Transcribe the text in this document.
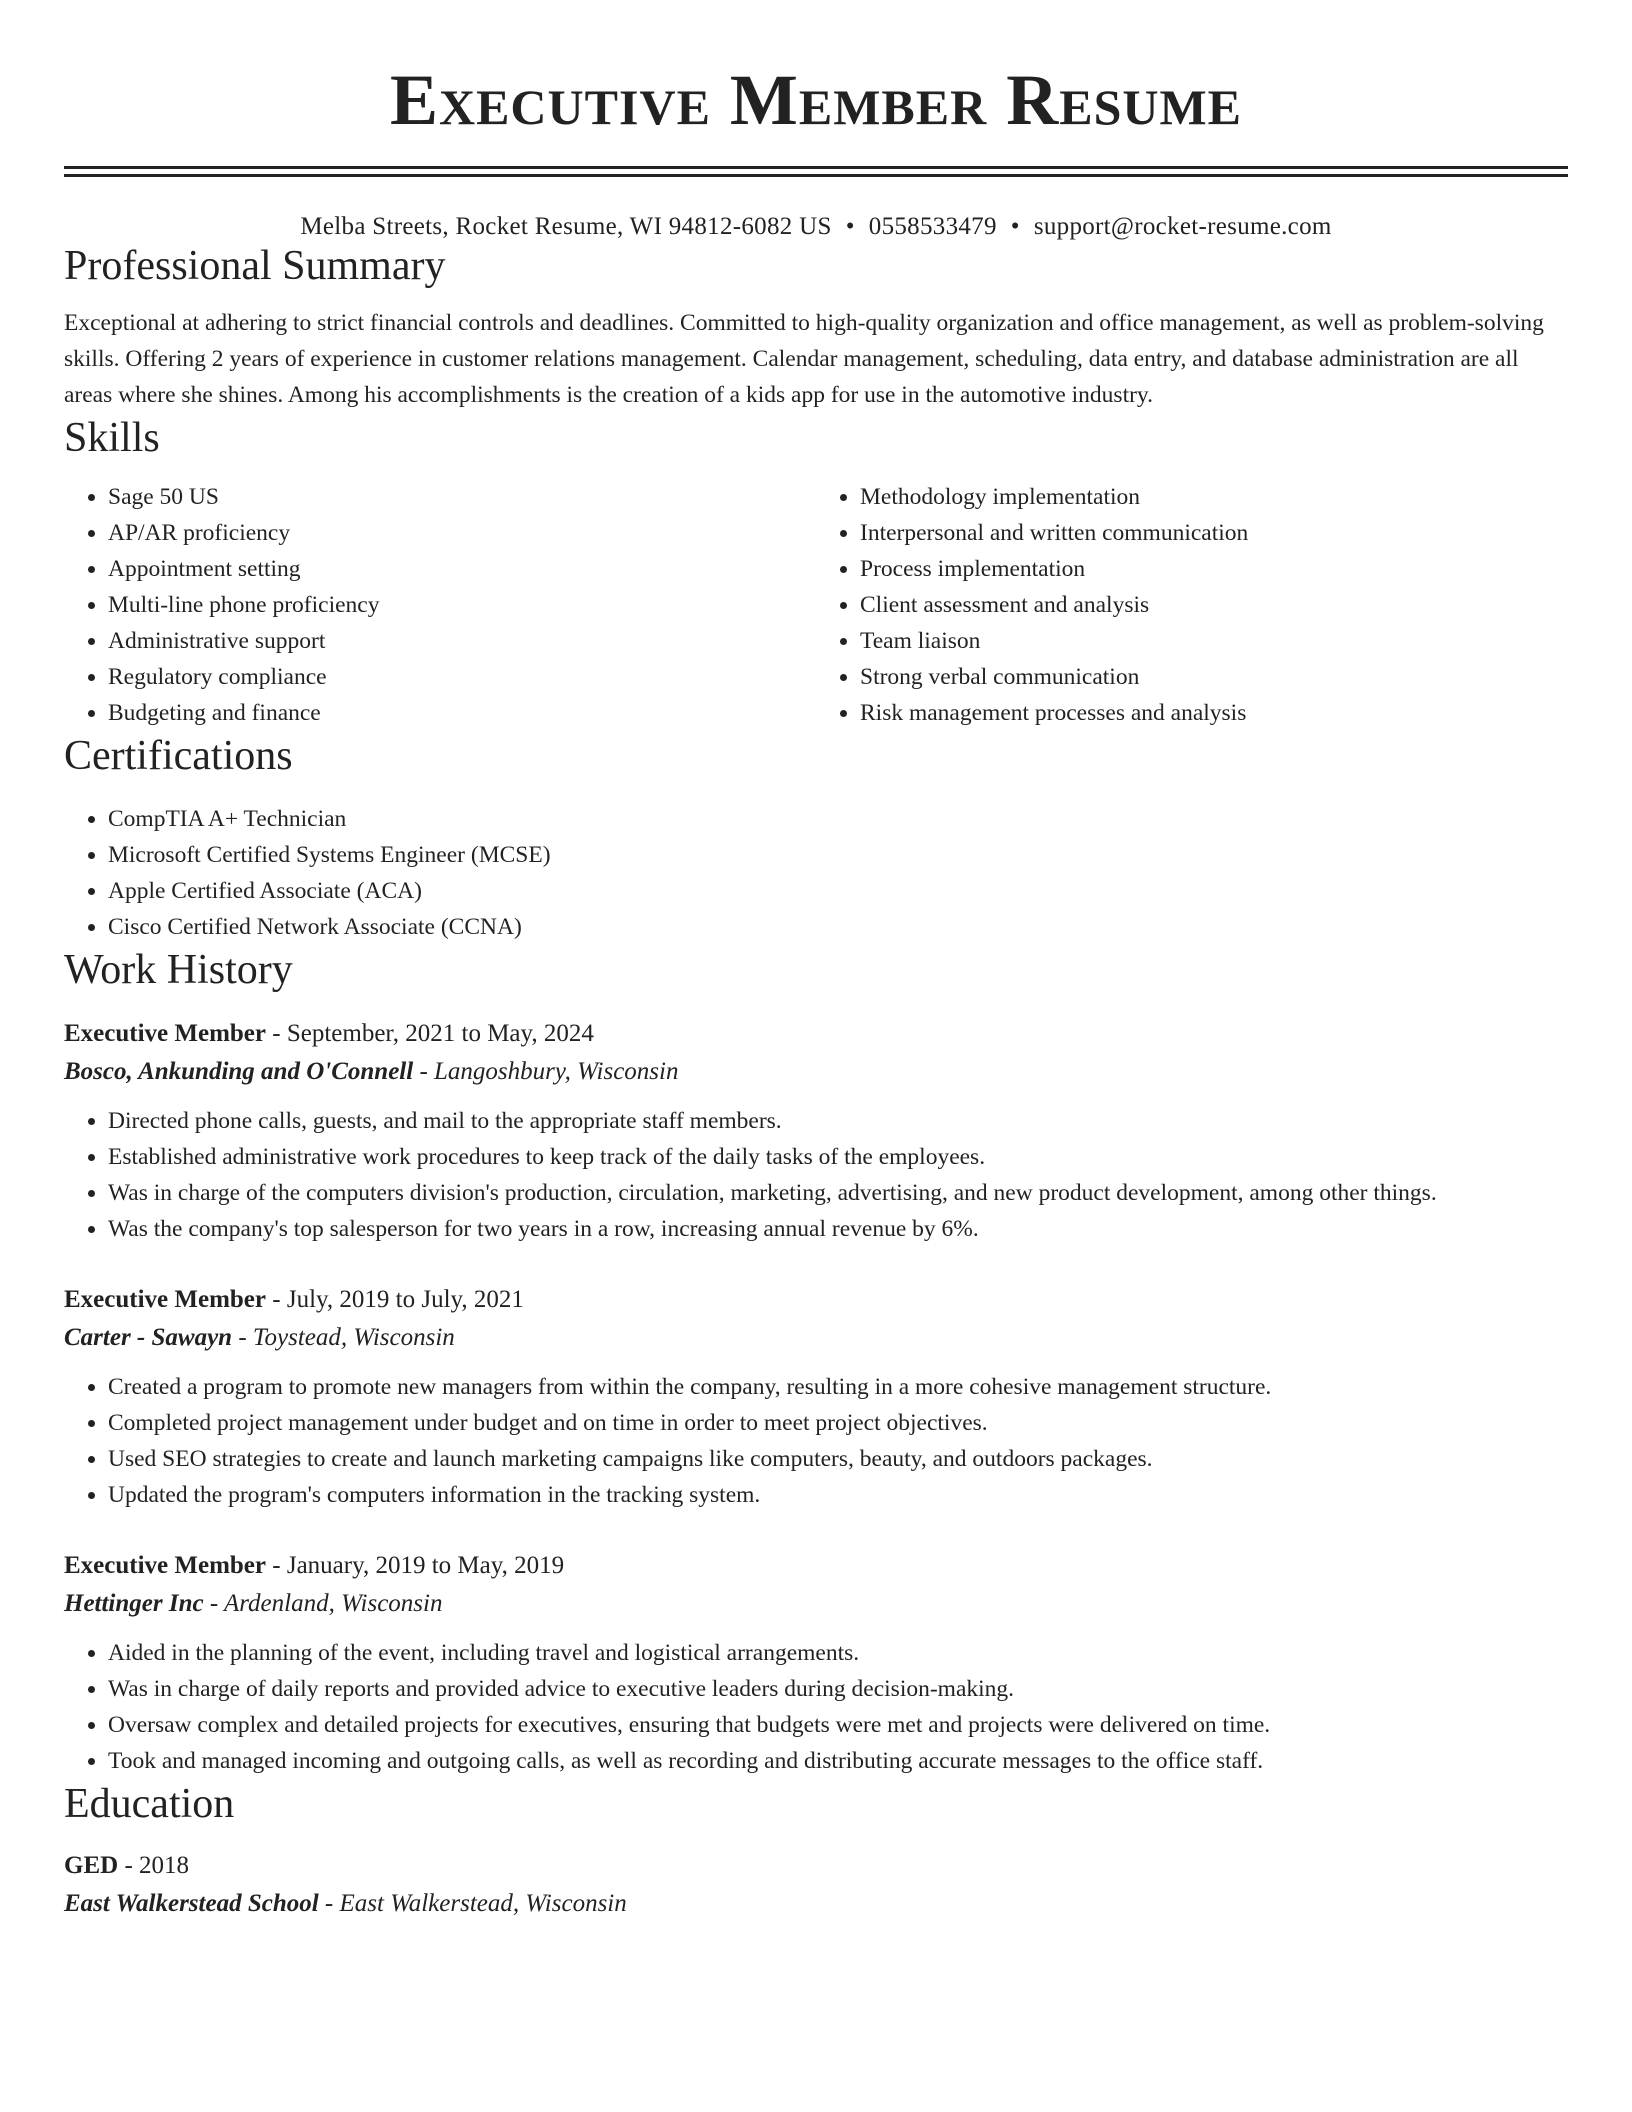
Executive Member Resume
Melba Streets, Rocket Resume, WI 94812-6082 US • 0558533479 • support@rocket-resume.com
Professional Summary
Exceptional at adhering to strict financial controls and deadlines. Committed to high-quality organization and office management, as well as problem-solving skills. Offering 2 years of experience in customer relations management. Calendar management, scheduling, data entry, and database administration are all areas where she shines. Among his accomplishments is the creation of a kids app for use in the automotive industry.
Skills
• Sage 50 US
• AP/AR proficiency
• Appointment setting
• Multi-line phone proficiency
• Administrative support
• Regulatory compliance
• Budgeting and finance
• Methodology implementation
• Interpersonal and written communication
• Process implementation
• Client assessment and analysis
• Team liaison
• Strong verbal communication
• Risk management processes and analysis
Certifications
• CompTIA A+ Technician
• Microsoft Certified Systems Engineer (MCSE)
• Apple Certified Associate (ACA)
• Cisco Certified Network Associate (CCNA)
Work History
Executive Member - September, 2021 to May, 2024
Bosco, Ankunding and O'Connell - Langoshbury, Wisconsin
• Directed phone calls, guests, and mail to the appropriate staff members.
• Established administrative work procedures to keep track of the daily tasks of the employees.
• Was in charge of the computers division's production, circulation, marketing, advertising, and new product development, among other things.
• Was the company's top salesperson for two years in a row, increasing annual revenue by 6%.
Executive Member - July, 2019 to July, 2021
Carter - Sawayn - Toystead, Wisconsin
• Created a program to promote new managers from within the company, resulting in a more cohesive management structure.
• Completed project management under budget and on time in order to meet project objectives.
• Used SEO strategies to create and launch marketing campaigns like computers, beauty, and outdoors packages.
• Updated the program's computers information in the tracking system.
Executive Member - January, 2019 to May, 2019
Hettinger Inc - Ardenland, Wisconsin
• Aided in the planning of the event, including travel and logistical arrangements.
• Was in charge of daily reports and provided advice to executive leaders during decision-making.
• Oversaw complex and detailed projects for executives, ensuring that budgets were met and projects were delivered on time.
• Took and managed incoming and outgoing calls, as well as recording and distributing accurate messages to the office staff.
Education
GED - 2018
East Walkerstead School - East Walkerstead, Wisconsin
